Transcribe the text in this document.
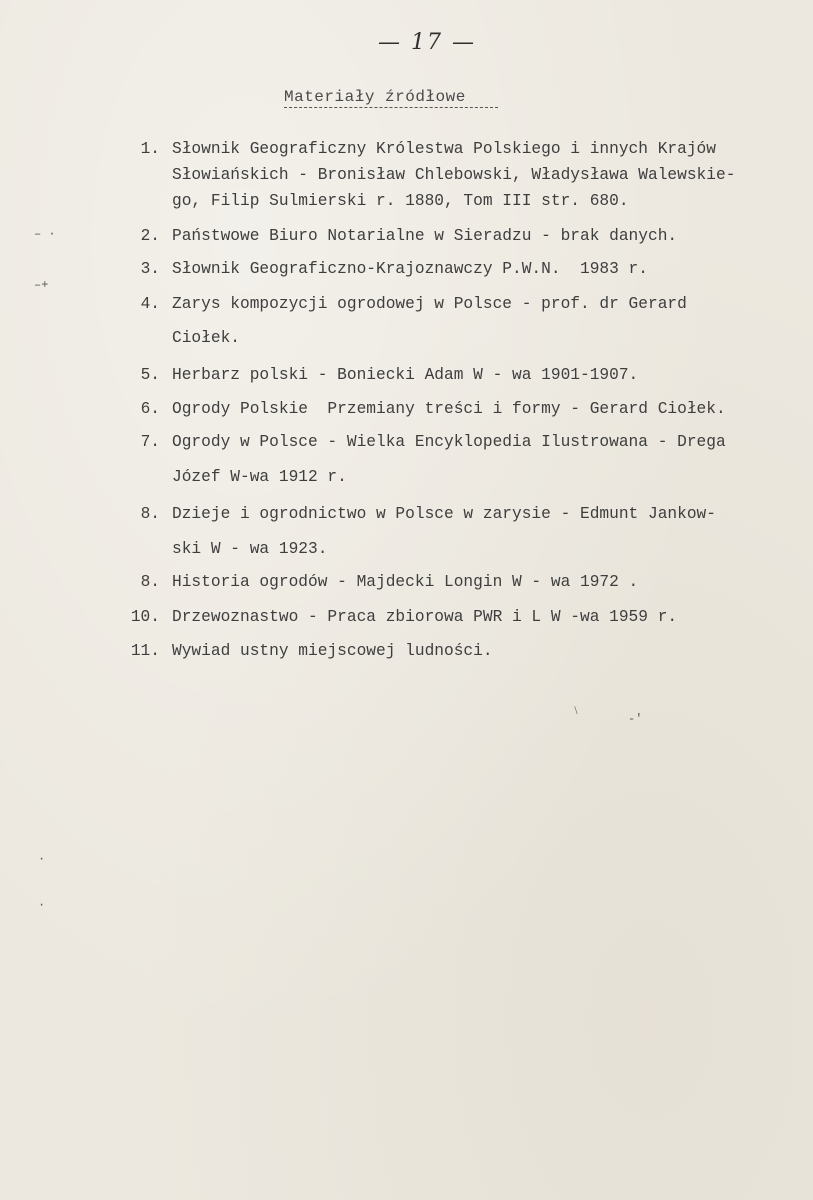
— 17 —
Materiały źródłowe
1. Słownik Geograficzny Królestwa Polskiego i innych Krajów
Słowiańskich - Bronisław Chlebowski, Władysława Walewskie-
go, Filip Sulmierski r. 1880, Tom III str. 680.
2. Państwowe Biuro Notarialne w Sieradzu - brak danych.
3. Słownik Geograficzno-Krajoznawczy P.W.N.  1983 r.
4. Zarys kompozycji ogrodowej w Polsce - prof. dr Gerard
Ciołek.
5. Herbarz polski - Boniecki Adam W - wa 1901-1907.
6. Ogrody Polskie  Przemiany treści i formy - Gerard Ciołek.
7. Ogrody w Polsce - Wielka Encyklopedia Ilustrowana - Drega
Józef W-wa 1912 r.
8. Dzieje i ogrodnictwo w Polsce w zarysie - Edmunt Jankow-
ski W - wa 1923.
8. Historia ogrodów - Majdecki Longin W - wa 1972 .
10. Drzewoznastwo - Praca zbiorowa PWR i L W -wa 1959 r.
11. Wywiad ustny miejscowej ludności.
– ·
–+
·
·
﹨
-'
